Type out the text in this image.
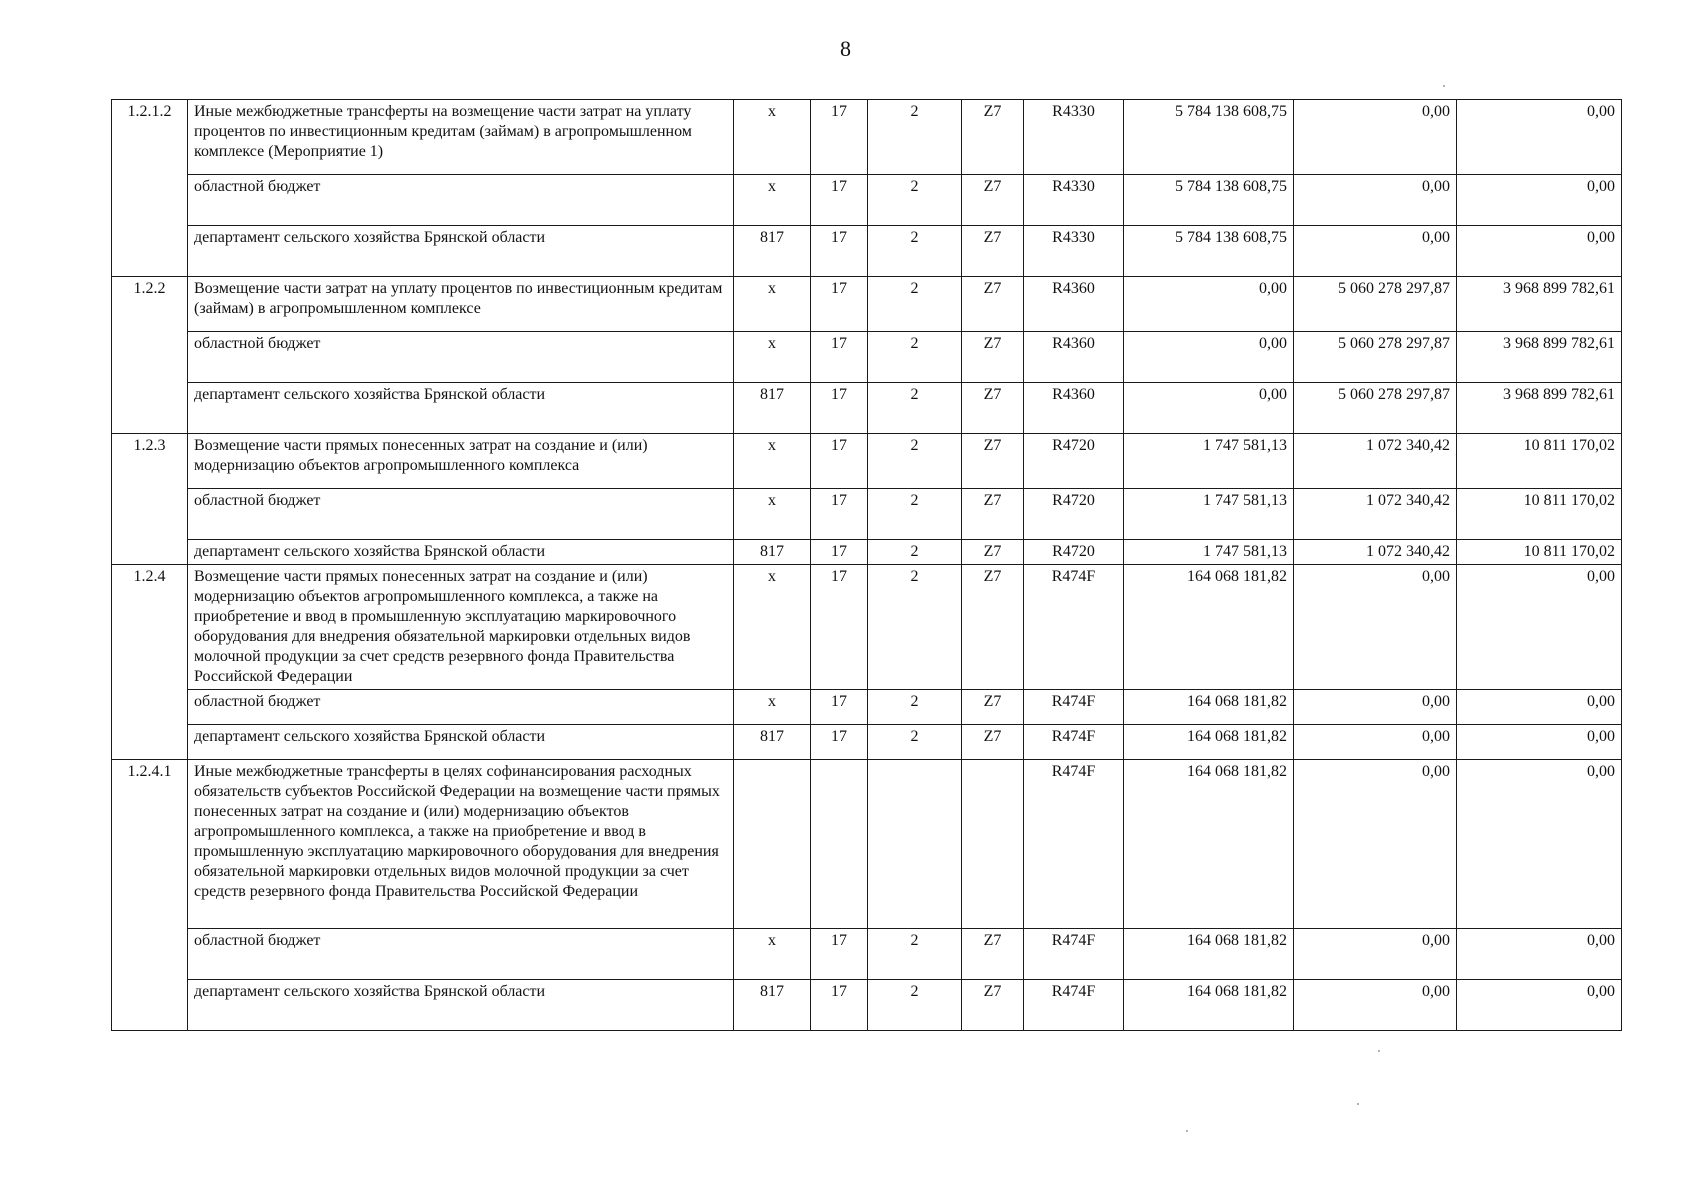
8
1.2.1.2	Иные межбюджетные трансферты на возмещение части затрат на уплату процентов по инвестиционным кредитам (займам) в агропромышленном комплексе (Мероприятие 1)	x	17	2	Z7	R4330	5 784 138 608,75	0,00	0,00
	областной бюджет	x	17	2	Z7	R4330	5 784 138 608,75	0,00	0,00
	департамент сельского хозяйства Брянской области	817	17	2	Z7	R4330	5 784 138 608,75	0,00	0,00
1.2.2	Возмещение части затрат на уплату процентов по инвестиционным кредитам (займам) в агропромышленном комплексе	x	17	2	Z7	R4360	0,00	5 060 278 297,87	3 968 899 782,61
	областной бюджет	x	17	2	Z7	R4360	0,00	5 060 278 297,87	3 968 899 782,61
	департамент сельского хозяйства Брянской области	817	17	2	Z7	R4360	0,00	5 060 278 297,87	3 968 899 782,61
1.2.3	Возмещение части прямых понесенных затрат на создание и (или) модернизацию объектов агропромышленного комплекса	x	17	2	Z7	R4720	1 747 581,13	1 072 340,42	10 811 170,02
	областной бюджет	x	17	2	Z7	R4720	1 747 581,13	1 072 340,42	10 811 170,02
	департамент сельского хозяйства Брянской области	817	17	2	Z7	R4720	1 747 581,13	1 072 340,42	10 811 170,02
1.2.4	Возмещение части прямых понесенных затрат на создание и (или) модернизацию объектов агропромышленного комплекса, а также на приобретение и ввод в промышленную эксплуатацию маркировочного оборудования для внедрения обязательной маркировки отдельных видов молочной продукции за счет средств резервного фонда Правительства Российской Федерации	x	17	2	Z7	R474F	164 068 181,82	0,00	0,00
	областной бюджет	x	17	2	Z7	R474F	164 068 181,82	0,00	0,00
	департамент сельского хозяйства Брянской области	817	17	2	Z7	R474F	164 068 181,82	0,00	0,00
1.2.4.1	Иные межбюджетные трансферты в целях софинансирования расходных обязательств субъектов Российской Федерации на возмещение части прямых понесенных затрат на создание и (или) модернизацию объектов агропромышленного комплекса, а также на приобретение и ввод в промышленную эксплуатацию маркировочного оборудования для внедрения обязательной маркировки отдельных видов молочной продукции за счет средств резервного фонда Правительства Российской Федерации					R474F	164 068 181,82	0,00	0,00
	областной бюджет	x	17	2	Z7	R474F	164 068 181,82	0,00	0,00
	департамент сельского хозяйства Брянской области	817	17	2	Z7	R474F	164 068 181,82	0,00	0,00
